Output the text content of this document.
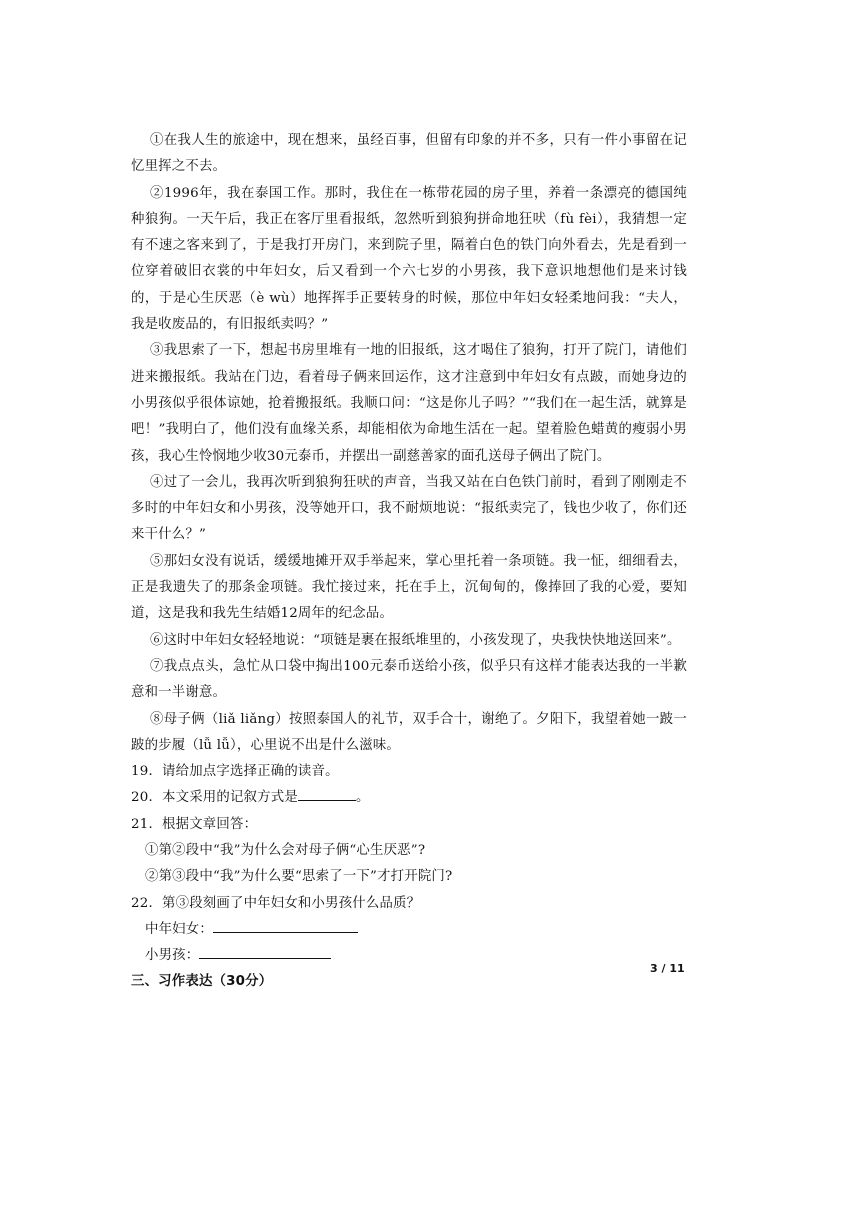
①在我人生的旅途中，现在想来，虽经百事，但留有印象的并不多，只有一件小事留在记忆里挥之不去。

②1996年，我在泰国工作。那时，我住在一栋带花园的房子里，养着一条漂亮的德国纯种狼狗。一天午后，我正在客厅里看报纸，忽然听到狼狗拼命地狂吠（fù fèi），我猜想一定有不速之客来到了，于是我打开房门，来到院子里，隔着白色的铁门向外看去，先是看到一位穿着破旧衣裳的中年妇女，后又看到一个六七岁的小男孩，我下意识地想他们是来讨钱的，于是心生厌恶（è wù）地挥挥手正要转身的时候，那位中年妇女轻柔地问我：“夫人，我是收废品的，有旧报纸卖吗？”

③我思索了一下，想起书房里堆有一地的旧报纸，这才喝住了狼狗，打开了院门，请他们进来搬报纸。我站在门边，看着母子俩来回运作，这才注意到中年妇女有点跛，而她身边的小男孩似乎很体谅她，抢着搬报纸。我顺口问：“这是你儿子吗？”“我们在一起生活，就算是吧！”我明白了，他们没有血缘关系，却能相依为命地生活在一起。望着脸色蜡黄的瘦弱小男孩，我心生怜悯地少收30元泰币，并摆出一副慈善家的面孔送母子俩出了院门。

④过了一会儿，我再次听到狼狗狂吠的声音，当我又站在白色铁门前时，看到了刚刚走不多时的中年妇女和小男孩，没等她开口，我不耐烦地说：“报纸卖完了，钱也少收了，你们还来干什么？”

⑤那妇女没有说话，缓缓地摊开双手举起来，掌心里托着一条项链。我一怔，细细看去，正是我遗失了的那条金项链。我忙接过来，托在手上，沉甸甸的，像捧回了我的心爱，要知道，这是我和我先生结婚12周年的纪念品。

⑥这时中年妇女轻轻地说：“项链是裹在报纸堆里的，小孩发现了，央我快快地送回来”。

⑦我点点头，急忙从口袋中掏出100元泰币送给小孩，似乎只有这样才能表达我的一半歉意和一半谢意。

⑧母子俩（liǎ liǎng）按照泰国人的礼节，双手合十，谢绝了。夕阳下，我望着她一跛一跛的步履（lǚ lǚ），心里说不出是什么滋味。

19．请给加点字选择正确的读音。

20．本文采用的记叙方式是	。

21．根据文章回答：

①第②段中“我”为什么会对母子俩“心生厌恶”?

②第③段中“我”为什么要“思索了一下”才打开院门?

22．第③段刻画了中年妇女和小男孩什么品质？

中年妇女：

小男孩：

三、习作表达（30分）

3 / 11
